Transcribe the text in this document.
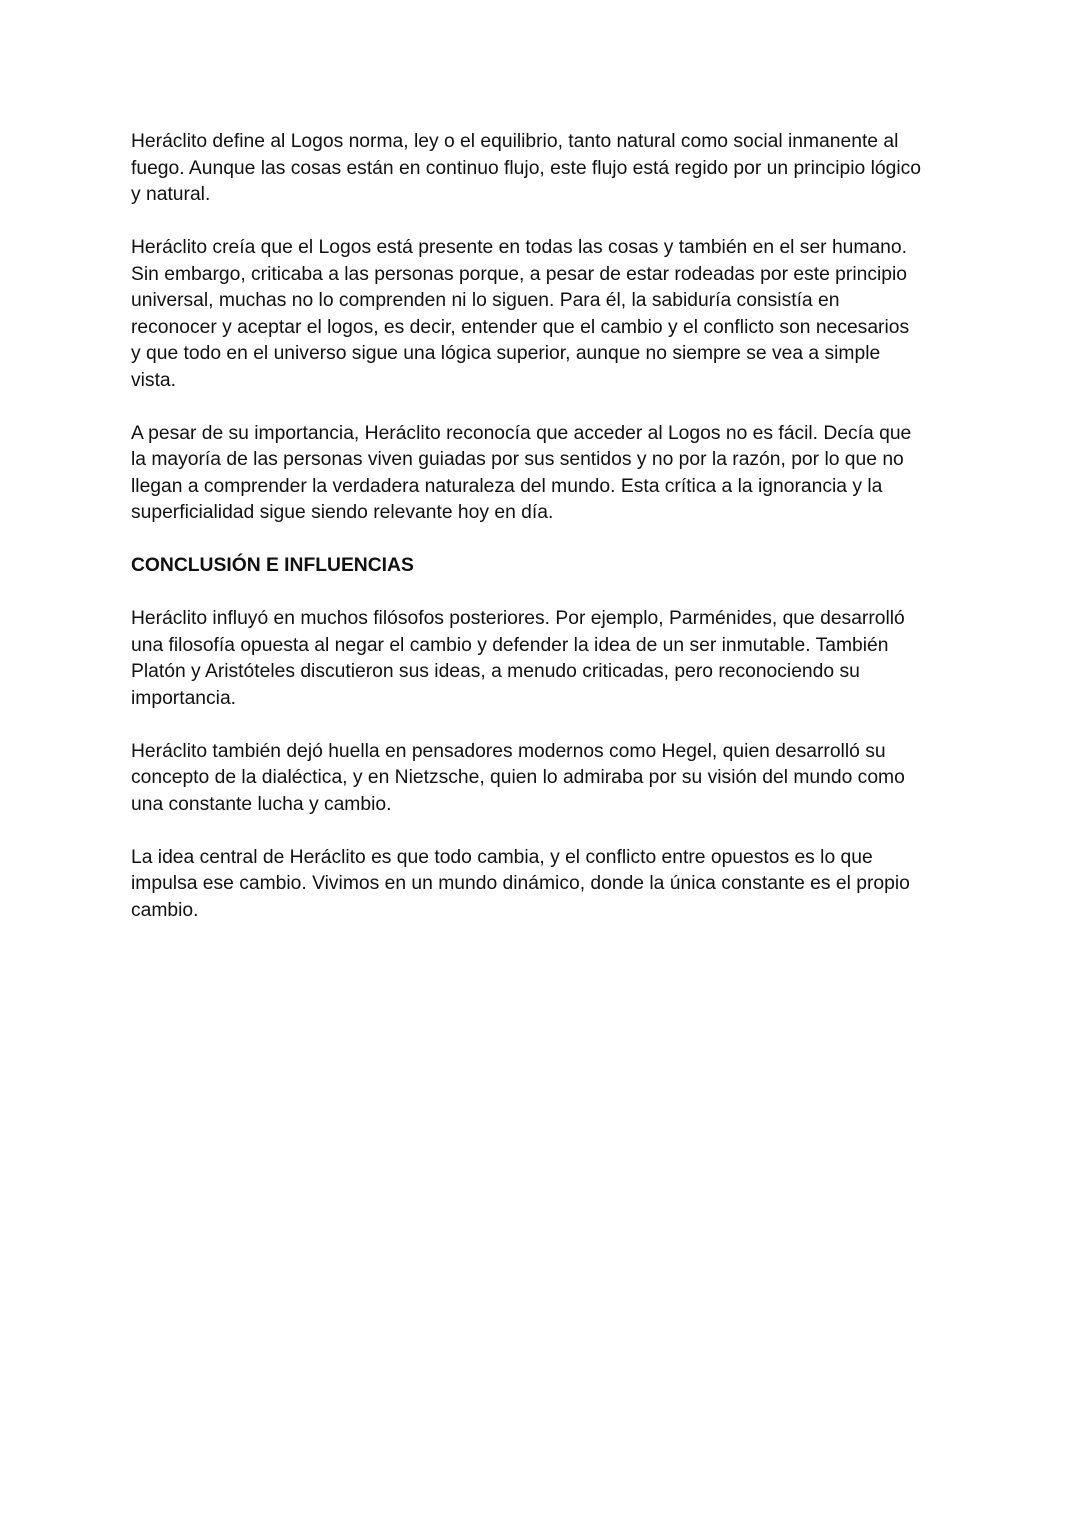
Heráclito define al Logos norma, ley o el equilibrio, tanto natural como social inmanente al
fuego. Aunque las cosas están en continuo flujo, este flujo está regido por un principio lógico
y natural.

Heráclito creía que el Logos está presente en todas las cosas y también en el ser humano.
Sin embargo, criticaba a las personas porque, a pesar de estar rodeadas por este principio
universal, muchas no lo comprenden ni lo siguen. Para él, la sabiduría consistía en
reconocer y aceptar el logos, es decir, entender que el cambio y el conflicto son necesarios
y que todo en el universo sigue una lógica superior, aunque no siempre se vea a simple
vista.

A pesar de su importancia, Heráclito reconocía que acceder al Logos no es fácil. Decía que
la mayoría de las personas viven guiadas por sus sentidos y no por la razón, por lo que no
llegan a comprender la verdadera naturaleza del mundo. Esta crítica a la ignorancia y la
superficialidad sigue siendo relevante hoy en día.

CONCLUSIÓN E INFLUENCIAS

Heráclito influyó en muchos filósofos posteriores. Por ejemplo, Parménides, que desarrolló
una filosofía opuesta al negar el cambio y defender la idea de un ser inmutable. También
Platón y Aristóteles discutieron sus ideas, a menudo criticadas, pero reconociendo su
importancia.

Heráclito también dejó huella en pensadores modernos como Hegel, quien desarrolló su
concepto de la dialéctica, y en Nietzsche, quien lo admiraba por su visión del mundo como
una constante lucha y cambio.

La idea central de Heráclito es que todo cambia, y el conflicto entre opuestos es lo que
impulsa ese cambio. Vivimos en un mundo dinámico, donde la única constante es el propio
cambio.
